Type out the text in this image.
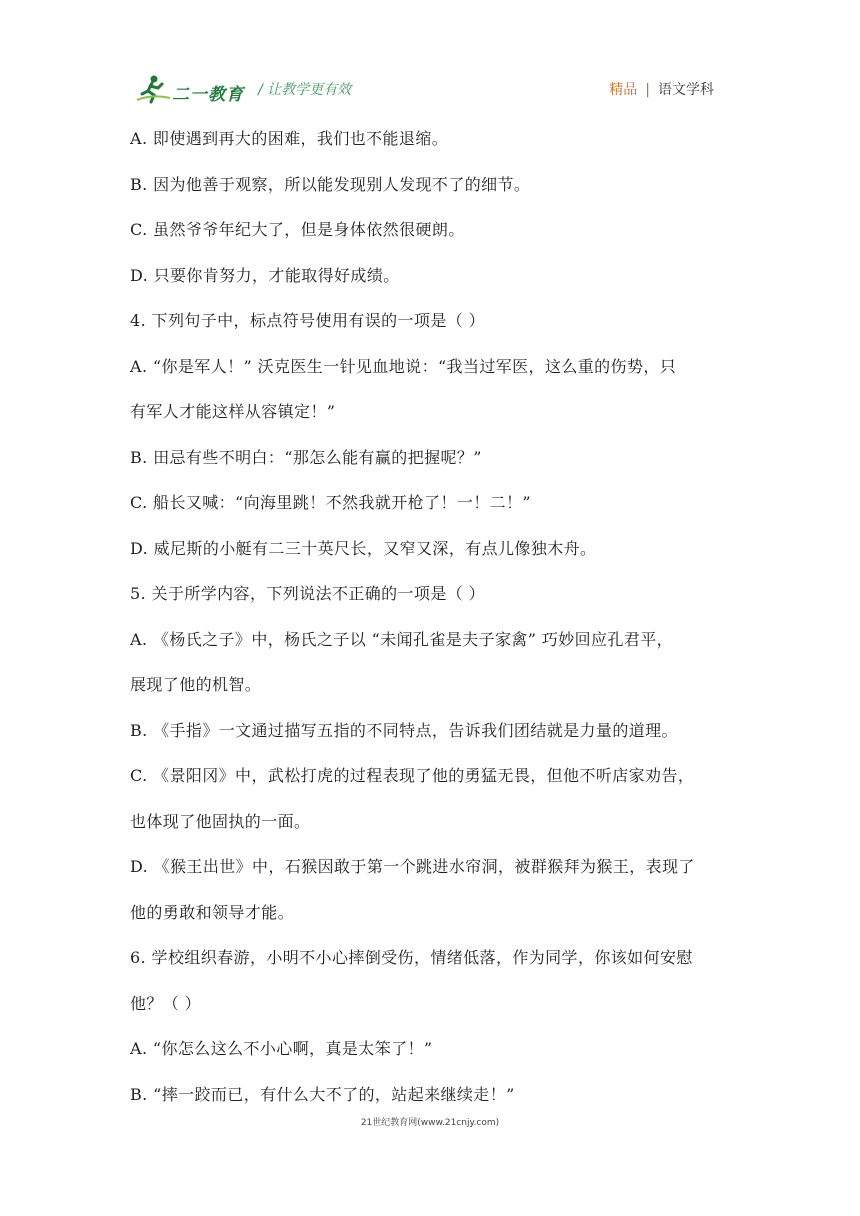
二一教育 / 让教学更有效	精品 | 语文学科
A. 即使遇到再大的困难，我们也不能退缩。
B. 因为他善于观察，所以能发现别人发现不了的细节。
C. 虽然爷爷年纪大了，但是身体依然很硬朗。
D. 只要你肯努力，才能取得好成绩。
4. 下列句子中，标点符号使用有误的一项是（ ）
A. “你是军人！” 沃克医生一针见血地说：“我当过军医，这么重的伤势，只
有军人才能这样从容镇定！”
B. 田忌有些不明白：“那怎么能有赢的把握呢？”
C. 船长又喊：“向海里跳！不然我就开枪了！一！二！”
D. 威尼斯的小艇有二三十英尺长，又窄又深，有点儿像独木舟。
5. 关于所学内容，下列说法不正确的一项是（ ）
A. 《杨氏之子》中，杨氏之子以 “未闻孔雀是夫子家禽” 巧妙回应孔君平，
展现了他的机智。
B. 《手指》一文通过描写五指的不同特点，告诉我们团结就是力量的道理。
C. 《景阳冈》中，武松打虎的过程表现了他的勇猛无畏，但他不听店家劝告，
也体现了他固执的一面。
D. 《猴王出世》中，石猴因敢于第一个跳进水帘洞，被群猴拜为猴王，表现了
他的勇敢和领导才能。
6. 学校组织春游，小明不小心摔倒受伤，情绪低落，作为同学，你该如何安慰
他？（ ）
A. “你怎么这么不小心啊，真是太笨了！”
B. “摔一跤而已，有什么大不了的，站起来继续走！”
21世纪教育网(www.21cnjy.com)
